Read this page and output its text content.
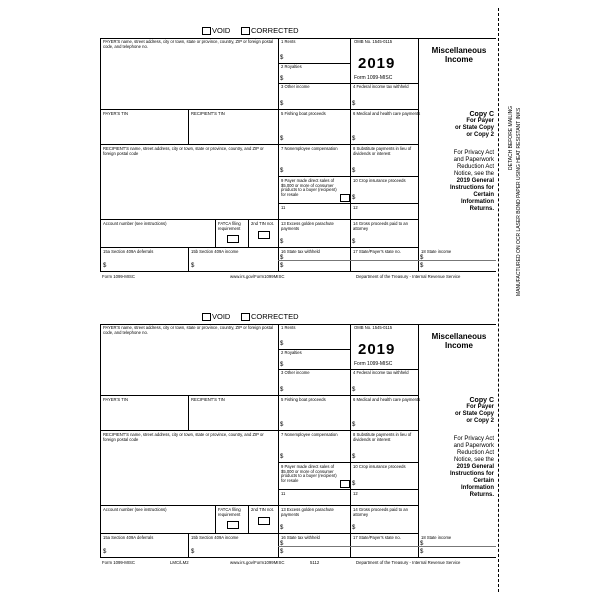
DETACH BEFORE MAILING MANUFACTURED ON OCR LASER BOND PAPER USING HEAT RESISTANT INKS
VOID	CORRECTED
PAYER'S name, street address, city or town, state or province, country, ZIP or foreign postal code, and telephone no.
1 Rents
$
2 Royalties
$
OMB No. 1545-0115
2019
Form 1099-MISC
Miscellaneous
Income
Copy C
For Payer
or State Copy
or Copy 2
For Privacy Act
and Paperwork
Reduction Act
Notice, see the
2019 General
Instructions for
Certain
Information
Returns.
3 Other income
$
4 Federal income tax withheld
$
PAYER'S TIN	RECIPIENT'S TIN	5 Fishing boat proceeds
$
6 Medical and health care payments
$
RECIPIENT'S name, street address, city or town, state or province, country, and ZIP or foreign postal code
7 Nonemployee compensation
$
8 Substitute payments in lieu of dividends or interest
$
9 Payer made direct sales of $5,000 or more of consumer products to a buyer (recipient) for resale
10 Crop insurance proceeds
$
11	12
Account number (see instructions)	FATCA filing requirement
2nd TIN not. 13 Excess golden parachute payments
$
14 Gross proceeds paid to an attorney
$
15a Section 409A deferrals
$
15b Section 409A income
$
16 State tax withheld
$
$
17 State/Payer's state no.	18 State income
$
$
Form 1099-MISC	www.irs.gov/Form1099MISC	Department of the Treasury - Internal Revenue Service
VOID	CORRECTED
PAYER'S name, street address, city or town, state or province, country, ZIP or foreign postal code, and telephone no.
1 Rents
$
2 Royalties
$
OMB No. 1545-0115
2019
Form 1099-MISC
Miscellaneous
Income
Copy C
For Payer
or State Copy
or Copy 2
For Privacy Act
and Paperwork
Reduction Act
Notice, see the
2019 General
Instructions for
Certain
Information
Returns.
3 Other income
$
4 Federal income tax withheld
$
PAYER'S TIN	RECIPIENT'S TIN	5 Fishing boat proceeds
$
6 Medical and health care payments
$
RECIPIENT'S name, street address, city or town, state or province, country, and ZIP or foreign postal code
7 Nonemployee compensation
$
8 Substitute payments in lieu of dividends or interest
$
9 Payer made direct sales of $5,000 or more of consumer products to a buyer (recipient) for resale
10 Crop insurance proceeds
$
11	12
Account number (see instructions)	FATCA filing requirement
2nd TIN not. 13 Excess golden parachute payments
$
14 Gross proceeds paid to an attorney
$
15a Section 409A deferrals
$
15b Section 409A income
$
16 State tax withheld
$
$
17 State/Payer's state no.	18 State income
$
$
Form 1099-MISC	LMC/LM2	www.irs.gov/Form1099MISC	5112	Department of the Treasury - Internal Revenue Service
